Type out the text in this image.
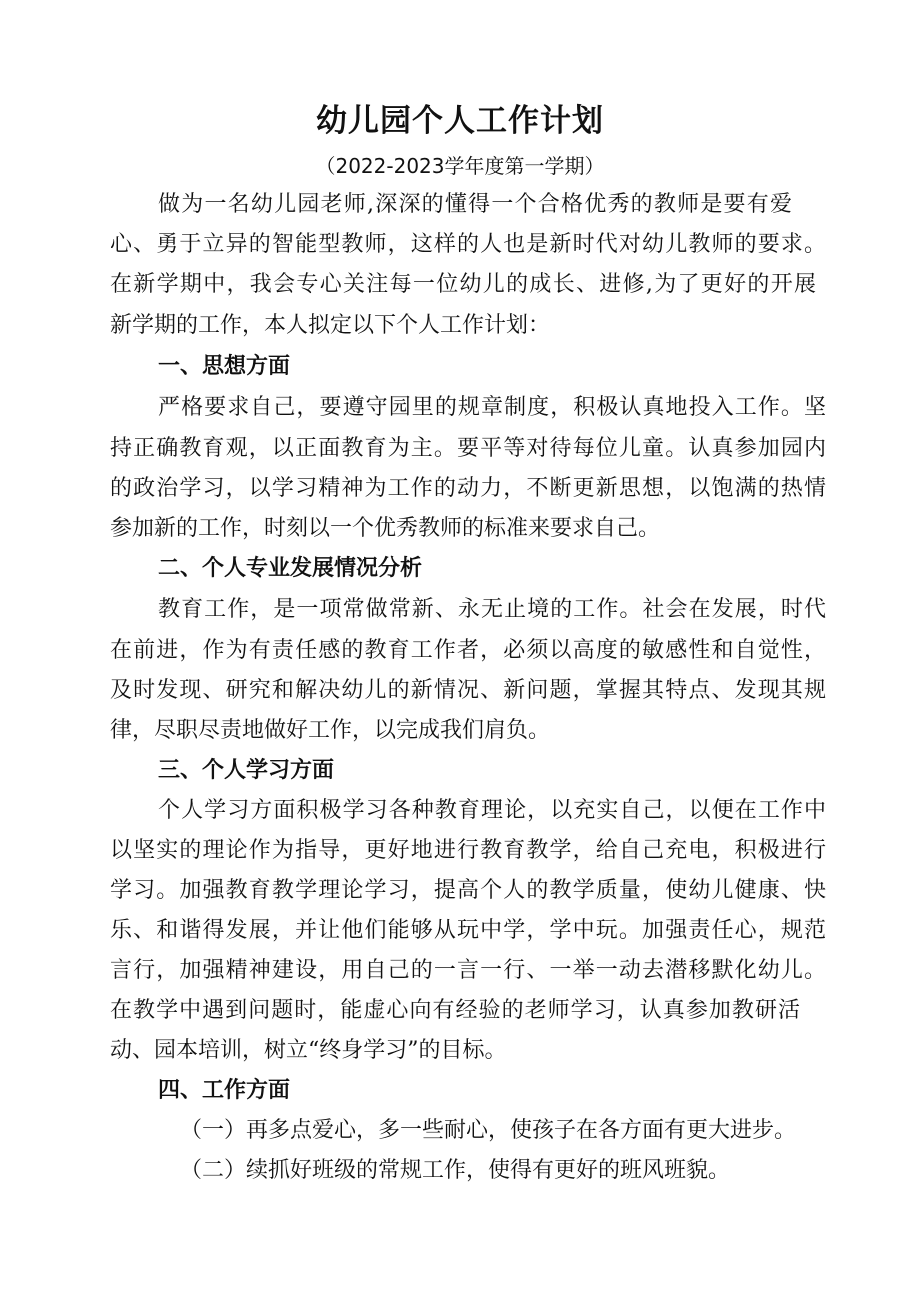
幼儿园个人工作计划
（2022-2023学年度第一学期）
做为一名幼儿园老师,深深的懂得一个合格优秀的教师是要有爱
心、勇于立异的智能型教师，这样的人也是新时代对幼儿教师的要求。
在新学期中，我会专心关注每一位幼儿的成长、进修,为了更好的开展
新学期的工作，本人拟定以下个人工作计划：
一、思想方面
严格要求自己，要遵守园里的规章制度，积极认真地投入工作。坚
持正确教育观，以正面教育为主。要平等对待每位儿童。认真参加园内
的政治学习，以学习精神为工作的动力，不断更新思想，以饱满的热情
参加新的工作，时刻以一个优秀教师的标准来要求自己。
二、个人专业发展情况分析
教育工作，是一项常做常新、永无止境的工作。社会在发展，时代
在前进，作为有责任感的教育工作者，必须以高度的敏感性和自觉性，
及时发现、研究和解决幼儿的新情况、新问题，掌握其特点、发现其规
律，尽职尽责地做好工作，以完成我们肩负。
三、个人学习方面
个人学习方面积极学习各种教育理论，以充实自己，以便在工作中
以坚实的理论作为指导，更好地进行教育教学，给自己充电，积极进行
学习。加强教育教学理论学习，提高个人的教学质量，使幼儿健康、快
乐、和谐得发展，并让他们能够从玩中学，学中玩。加强责任心，规范
言行，加强精神建设，用自己的一言一行、一举一动去潜移默化幼儿。
在教学中遇到问题时，能虚心向有经验的老师学习，认真参加教研活
动、园本培训，树立“终身学习”的目标。
四、工作方面
（一）再多点爱心，多一些耐心，使孩子在各方面有更大进步。
（二）续抓好班级的常规工作，使得有更好的班风班貌。
